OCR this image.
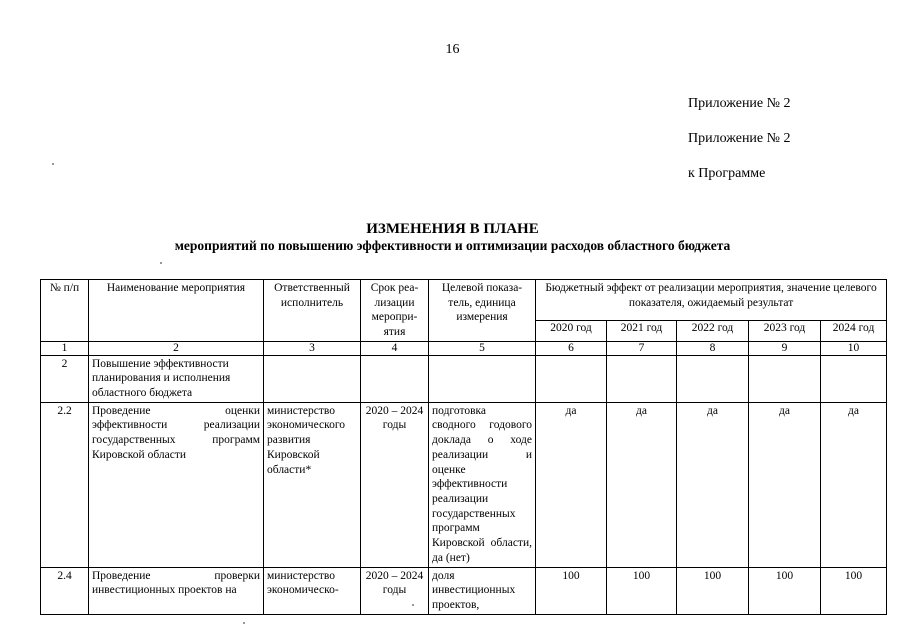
16
Приложение № 2
Приложение № 2
к Программе
ИЗМЕНЕНИЯ В ПЛАНЕ
мероприятий по повышению эффективности и оптимизации расходов областного бюджета
№ п/п	Наименование мероприятия	Ответственный исполнитель	Срок реа-лизации меропри-ятия	Целевой показа-тель, единица измерения	Бюджетный эффект от реализации мероприятия, значение целевого показателя, ожидаемый результат				
					2020 год	2021 год	2022 год	2023 год	2024 год
1	2	3	4	5	6	7	8	9	10
2	Повышение эффективности планирования и исполнения областного бюджета								
2.2	Проведение оценки эффективности реализации государственных программ Кировской области	министерство экономического развития Кировской области*	2020 – 2024 годы	подготовка сводного годового доклада о ходе реализации и оценке эффективности реализации государственных программ Кировской области, да (нет)	да	да	да	да	да
2.4	Проведение проверки инвестиционных проектов на	министерство экономическо-	2020 – 2024 годы	доля инвестиционных проектов,	100	100	100	100	100
